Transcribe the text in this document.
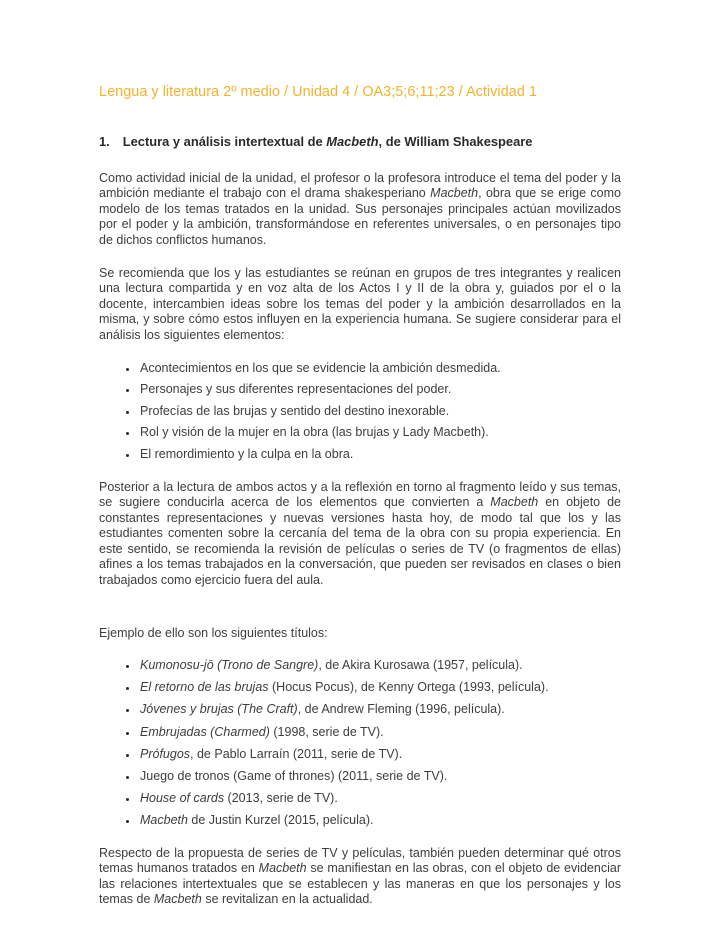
Lengua y literatura 2º medio / Unidad 4 / OA3;5;6;11;23 / Actividad 1

1. Lectura y análisis intertextual de Macbeth, de William Shakespeare

Como actividad inicial de la unidad, el profesor o la profesora introduce el tema del poder y la ambición mediante el trabajo con el drama shakesperiano Macbeth, obra que se erige como modelo de los temas tratados en la unidad. Sus personajes principales actúan movilizados por el poder y la ambición, transformándose en referentes universales, o en personajes tipo de dichos conflictos humanos.

Se recomienda que los y las estudiantes se reúnan en grupos de tres integrantes y realicen una lectura compartida y en voz alta de los Actos I y II de la obra y, guiados por el o la docente, intercambien ideas sobre los temas del poder y la ambición desarrollados en la misma, y sobre cómo estos influyen en la experiencia humana. Se sugiere considerar para el análisis los siguientes elementos:

• Acontecimientos en los que se evidencie la ambición desmedida.
• Personajes y sus diferentes representaciones del poder.
• Profecías de las brujas y sentido del destino inexorable.
• Rol y visión de la mujer en la obra (las brujas y Lady Macbeth).
• El remordimiento y la culpa en la obra.

Posterior a la lectura de ambos actos y a la reflexión en torno al fragmento leído y sus temas, se sugiere conducirla acerca de los elementos que convierten a Macbeth en objeto de constantes representaciones y nuevas versiones hasta hoy, de modo tal que los y las estudiantes comenten sobre la cercanía del tema de la obra con su propia experiencia. En este sentido, se recomienda la revisión de películas o series de TV (o fragmentos de ellas) afines a los temas trabajados en la conversación, que pueden ser revisados en clases o bien trabajados como ejercicio fuera del aula.

Ejemplo de ello son los siguientes títulos:

• Kumonosu-jō (Trono de Sangre), de Akira Kurosawa (1957, película).
• El retorno de las brujas (Hocus Pocus), de Kenny Ortega (1993, película).
• Jóvenes y brujas (The Craft), de Andrew Fleming (1996, película).
• Embrujadas (Charmed) (1998, serie de TV).
• Prófugos, de Pablo Larraín (2011, serie de TV).
• Juego de tronos (Game of thrones) (2011, serie de TV).
• House of cards (2013, serie de TV).
• Macbeth de Justin Kurzel (2015, película).

Respecto de la propuesta de series de TV y películas, también pueden determinar qué otros temas humanos tratados en Macbeth se manifiestan en las obras, con el objeto de evidenciar las relaciones intertextuales que se establecen y las maneras en que los personajes y los temas de Macbeth se revitalizan en la actualidad.
